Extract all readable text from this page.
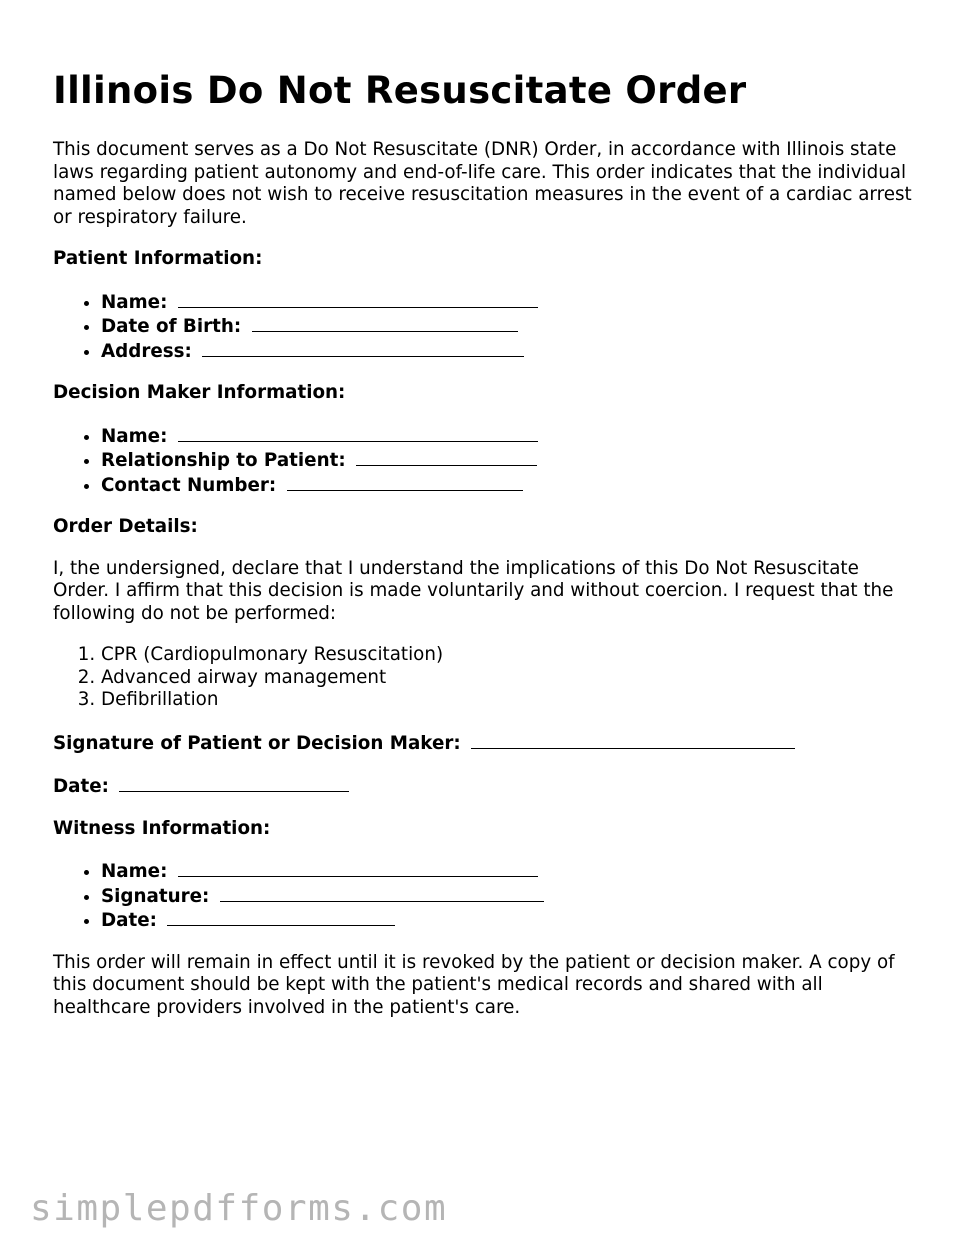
Illinois Do Not Resuscitate Order

This document serves as a Do Not Resuscitate (DNR) Order, in accordance with Illinois state laws regarding patient autonomy and end-of-life care. This order indicates that the individual named below does not wish to receive resuscitation measures in the event of a cardiac arrest or respiratory failure.

Patient Information:
• Name:
• Date of Birth:
• Address:
Decision Maker Information:
• Name:
• Relationship to Patient:
• Contact Number:
Order Details:

I, the undersigned, declare that I understand the implications of this Do Not Resuscitate Order. I affirm that this decision is made voluntarily and without coercion. I request that the following do not be performed:

1. CPR (Cardiopulmonary Resuscitation)
2. Advanced airway management
3. Defibrillation
Signature of Patient or Decision Maker:
Date:
Witness Information:
• Name:
• Signature:
• Date:

This order will remain in effect until it is revoked by the patient or decision maker. A copy of this document should be kept with the patient's medical records and shared with all healthcare providers involved in the patient's care.

simplepdfforms.com
